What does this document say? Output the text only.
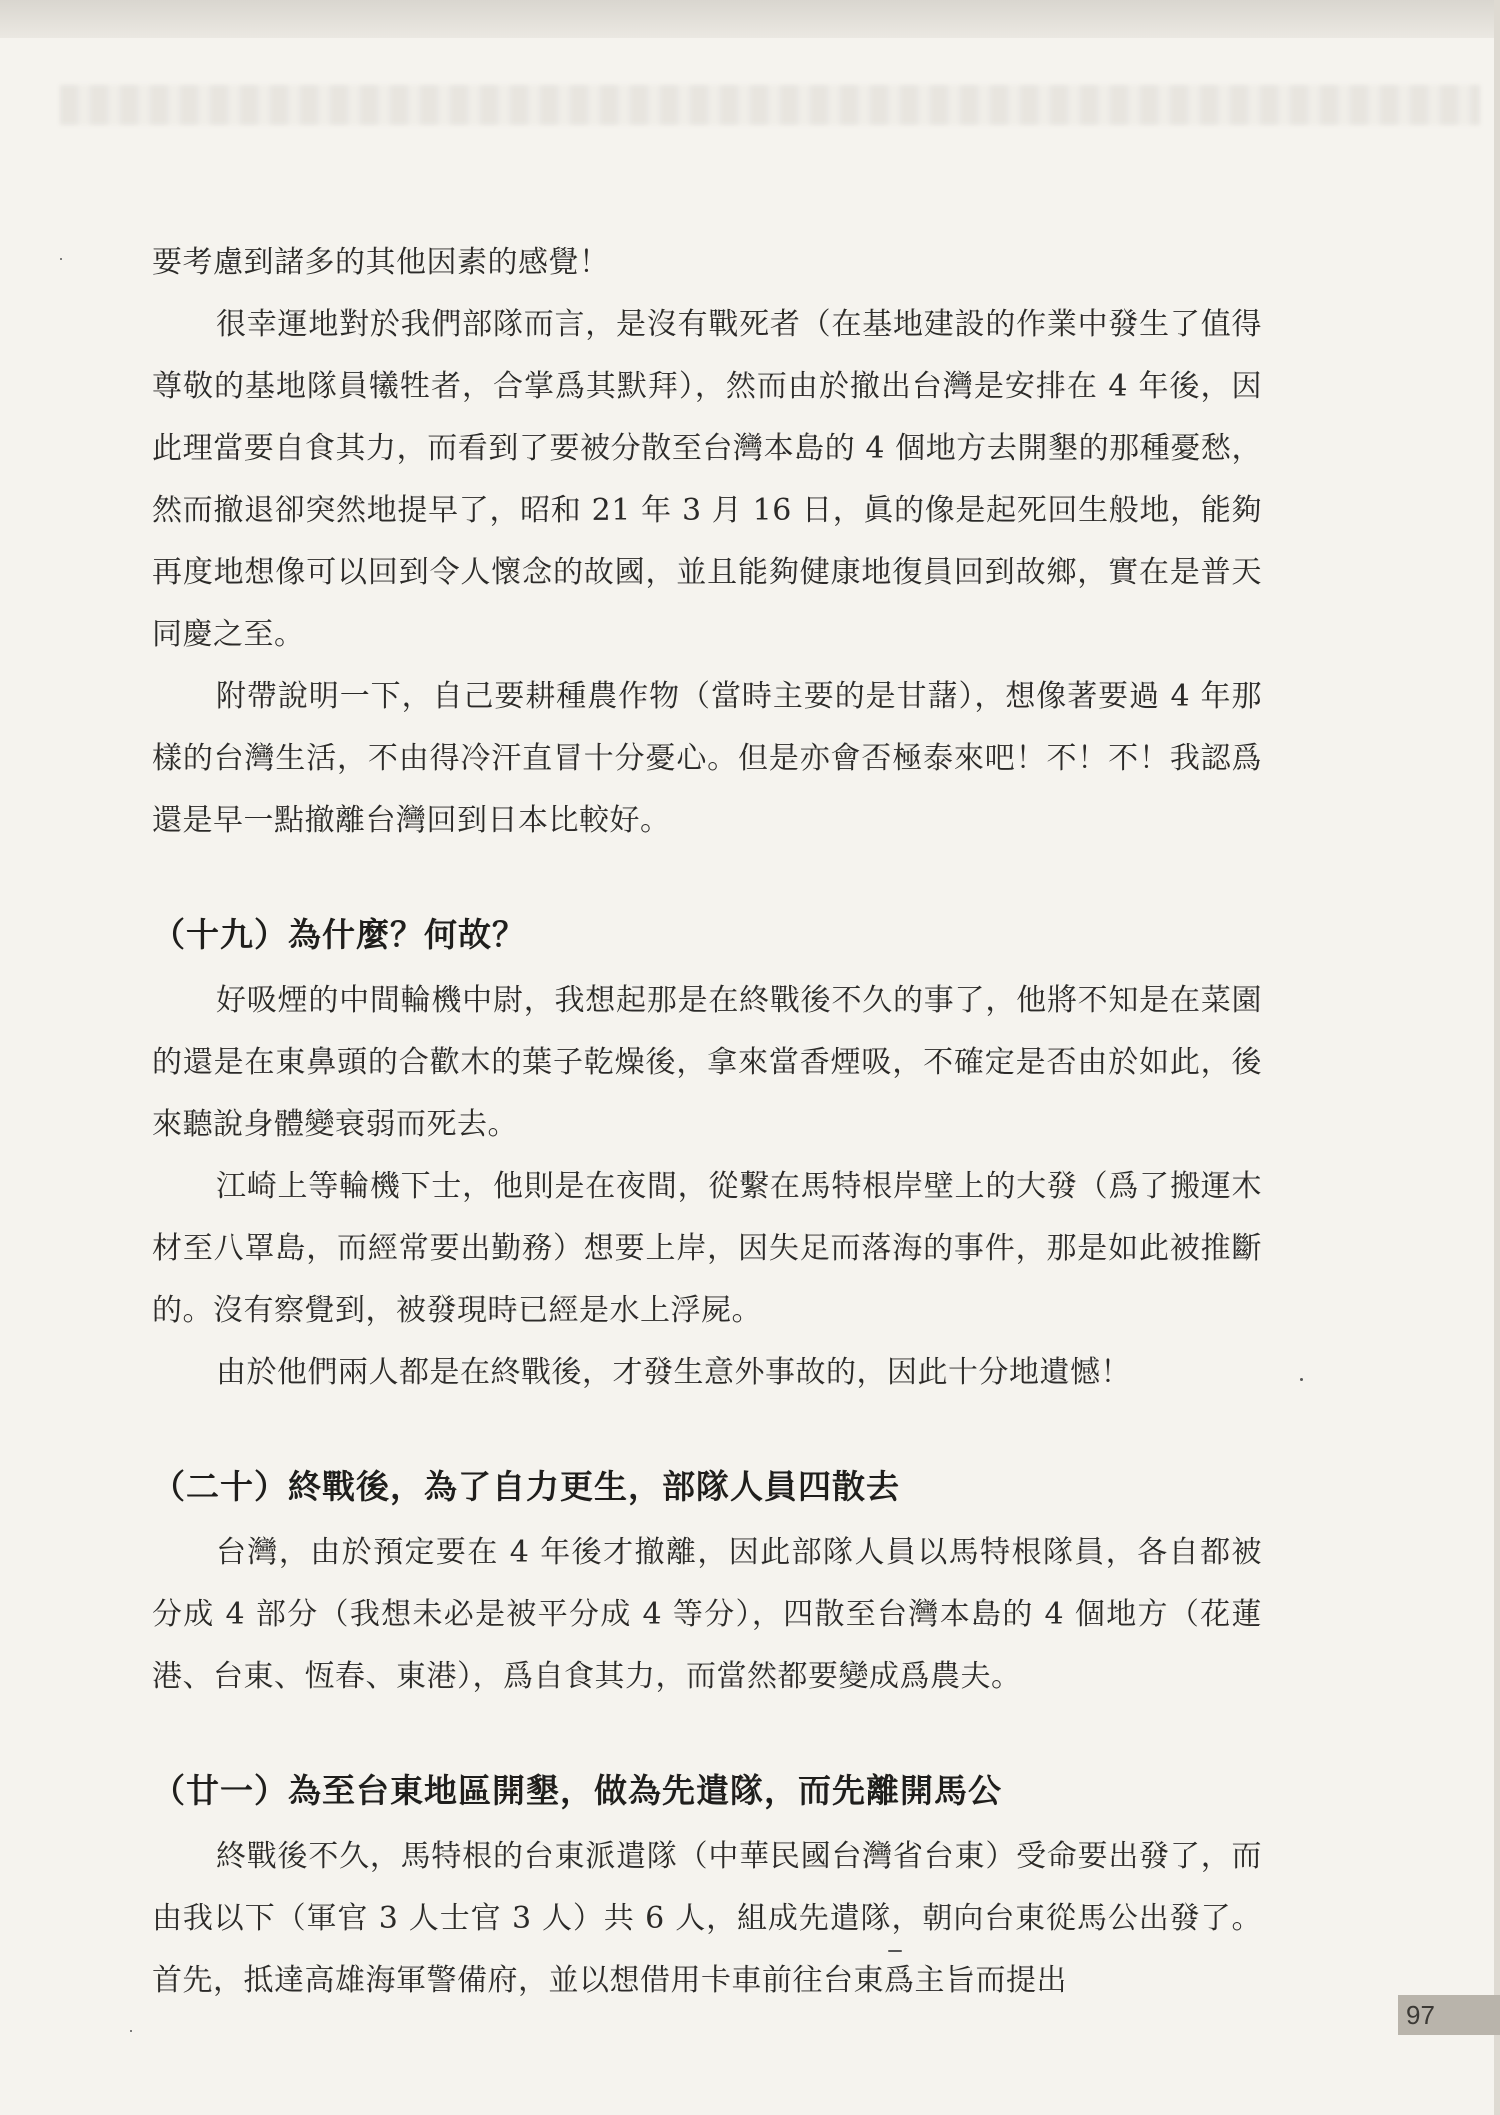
要考慮到諸多的其他因素的感覺！

很幸運地對於我們部隊而言，是沒有戰死者（在基地建設的作業中發生了值得尊敬的基地隊員犧牲者，合掌爲其默拜），然而由於撤出台灣是安排在 4 年後，因此理當要自食其力，而看到了要被分散至台灣本島的 4 個地方去開墾的那種憂愁，然而撤退卻突然地提早了，昭和 21 年 3 月 16 日，眞的像是起死回生般地，能夠再度地想像可以回到令人懷念的故國，並且能夠健康地復員回到故鄉，實在是普天同慶之至。

附帶說明一下，自己要耕種農作物（當時主要的是甘藷），想像著要過 4 年那樣的台灣生活，不由得冷汗直冒十分憂心。但是亦會否極泰來吧！不！不！我認爲還是早一點撤離台灣回到日本比較好。

（十九）為什麼？何故？

好吸煙的中間輪機中尉，我想起那是在終戰後不久的事了，他將不知是在菜園的還是在東鼻頭的合歡木的葉子乾燥後，拿來當香煙吸，不確定是否由於如此，後來聽說身體變衰弱而死去。

江崎上等輪機下士，他則是在夜間，從繫在馬特根岸壁上的大發（爲了搬運木材至八罩島，而經常要出勤務）想要上岸，因失足而落海的事件，那是如此被推斷的。沒有察覺到，被發現時已經是水上浮屍。

由於他們兩人都是在終戰後，才發生意外事故的，因此十分地遺憾！

（二十）終戰後，為了自力更生，部隊人員四散去

台灣，由於預定要在 4 年後才撤離，因此部隊人員以馬特根隊員，各自都被分成 4 部分（我想未必是被平分成 4 等分），四散至台灣本島的 4 個地方（花蓮港、台東、恆春、東港），爲自食其力，而當然都要變成爲農夫。

（廿一）為至台東地區開墾，做為先遣隊，而先離開馬公

終戰後不久，馬特根的台東派遣隊（中華民國台灣省台東）受命要出發了，而由我以下（軍官 3 人士官 3 人）共 6 人，組成先遣隊，朝向台東從馬公出發了。首先，抵達高雄海軍警備府，並以想借用卡車前往台東爲主旨而提出

97
